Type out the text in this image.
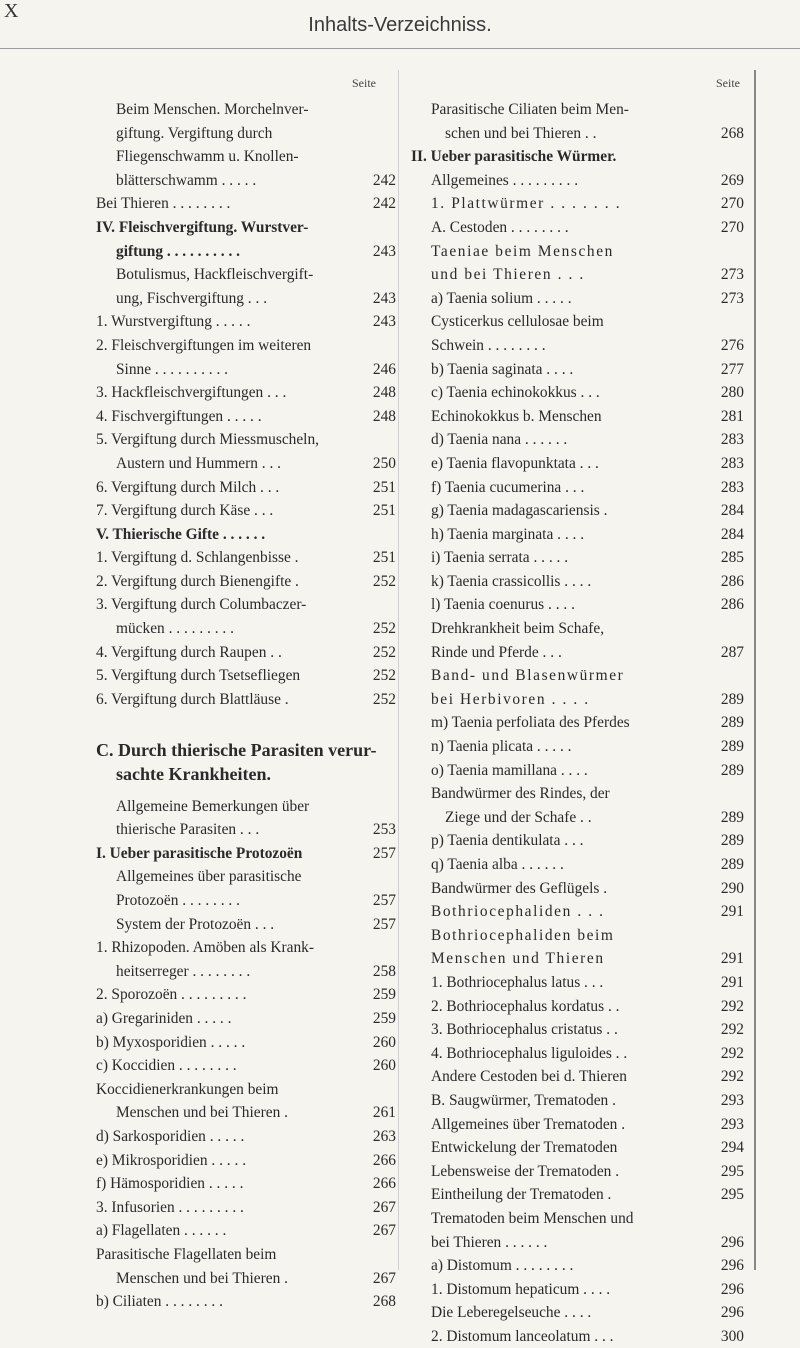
X
Inhalts-Verzeichniss.
Seite	Seite
Beim Menschen. Morchelnver-
giftung. Vergiftung durch
Fliegenschwamm u. Knollen-
blätterschwamm . . . . .	242
Bei Thieren . . . . . . . .	242
IV. Fleischvergiftung. Wurstver-
giftung . . . . . . . . . .	243
Botulismus, Hackfleischvergift-
ung, Fischvergiftung . . .	243
1. Wurstvergiftung . . . . .	243
2. Fleischvergiftungen im weiteren
Sinne . . . . . . . . . .	246
3. Hackfleischvergiftungen . . .	248
4. Fischvergiftungen . . . . .	248
5. Vergiftung durch Miessmuscheln,
Austern und Hummern . . .	250
6. Vergiftung durch Milch . . .	251
7. Vergiftung durch Käse . . .	251
V. Thierische Gifte . . . . . .
1. Vergiftung d. Schlangenbisse .	251
2. Vergiftung durch Bienengifte .	252
3. Vergiftung durch Columbaczer-
mücken . . . . . . . . .	252
4. Vergiftung durch Raupen . .	252
5. Vergiftung durch Tsetsefliegen	252
6. Vergiftung durch Blattläuse .	252
C. Durch thierische Parasiten verur-
sachte Krankheiten.
Allgemeine Bemerkungen über
thierische Parasiten . . .	253
I. Ueber parasitische Protozoën	257
Allgemeines über parasitische
Protozoën . . . . . . . .	257
System der Protozoën . . .	257
1. Rhizopoden. Amöben als Krank-
heitserreger . . . . . . . .	258
2. Sporozoën . . . . . . . . .	259
a) Gregariniden . . . . .	259
b) Myxosporidien . . . . .	260
c) Koccidien . . . . . . . .	260
Koccidienerkrankungen beim
Menschen und bei Thieren .	261
d) Sarkosporidien . . . . .	263
e) Mikrosporidien . . . . .	266
f) Hämosporidien . . . . .	266
3. Infusorien . . . . . . . . .	267
a) Flagellaten . . . . . .	267
Parasitische Flagellaten beim
Menschen und bei Thieren .	267
b) Ciliaten . . . . . . . .	268
Parasitische Ciliaten beim Men-
schen und bei Thieren . .	268
II. Ueber parasitische Würmer.
Allgemeines . . . . . . . . .	269
1. Plattwürmer . . . . . . .	270
A. Cestoden . . . . . . . .	270
Taeniae beim Menschen
und bei Thieren . . .	273
a) Taenia solium . . . . .	273
Cysticerkus cellulosae beim
Schwein . . . . . . . .	276
b) Taenia saginata . . . .	277
c) Taenia echinokokkus . . .	280
Echinokokkus b. Menschen	281
d) Taenia nana . . . . . .	283
e) Taenia flavopunktata . . .	283
f) Taenia cucumerina . . .	283
g) Taenia madagascariensis .	284
h) Taenia marginata . . . .	284
i) Taenia serrata . . . . .	285
k) Taenia crassicollis . . . .	286
l) Taenia coenurus . . . .	286
Drehkrankheit beim Schafe,
Rinde und Pferde . . .	287
Band- und Blasenwürmer
bei Herbivoren . . . .	289
m) Taenia perfoliata des Pferdes	289
n) Taenia plicata . . . . .	289
o) Taenia mamillana . . . .	289
Bandwürmer des Rindes, der
Ziege und der Schafe . .	289
p) Taenia dentikulata . . .	289
q) Taenia alba . . . . . .	289
Bandwürmer des Geflügels .	290
Bothriocephaliden . . .	291
Bothriocephaliden beim
Menschen und Thieren	291
1. Bothriocephalus latus . . .	291
2. Bothriocephalus kordatus . .	292
3. Bothriocephalus cristatus . .	292
4. Bothriocephalus liguloides . .	292
Andere Cestoden bei d. Thieren	292
B. Saugwürmer, Trematoden .	293
Allgemeines über Trematoden .	293
Entwickelung der Trematoden	294
Lebensweise der Trematoden .	295
Eintheilung der Trematoden .	295
Trematoden beim Menschen und
bei Thieren . . . . . .	296
a) Distomum . . . . . . . .	296
1. Distomum hepaticum . . . .	296
Die Leberegelseuche . . . .	296
2. Distomum lanceolatum . . .	300
